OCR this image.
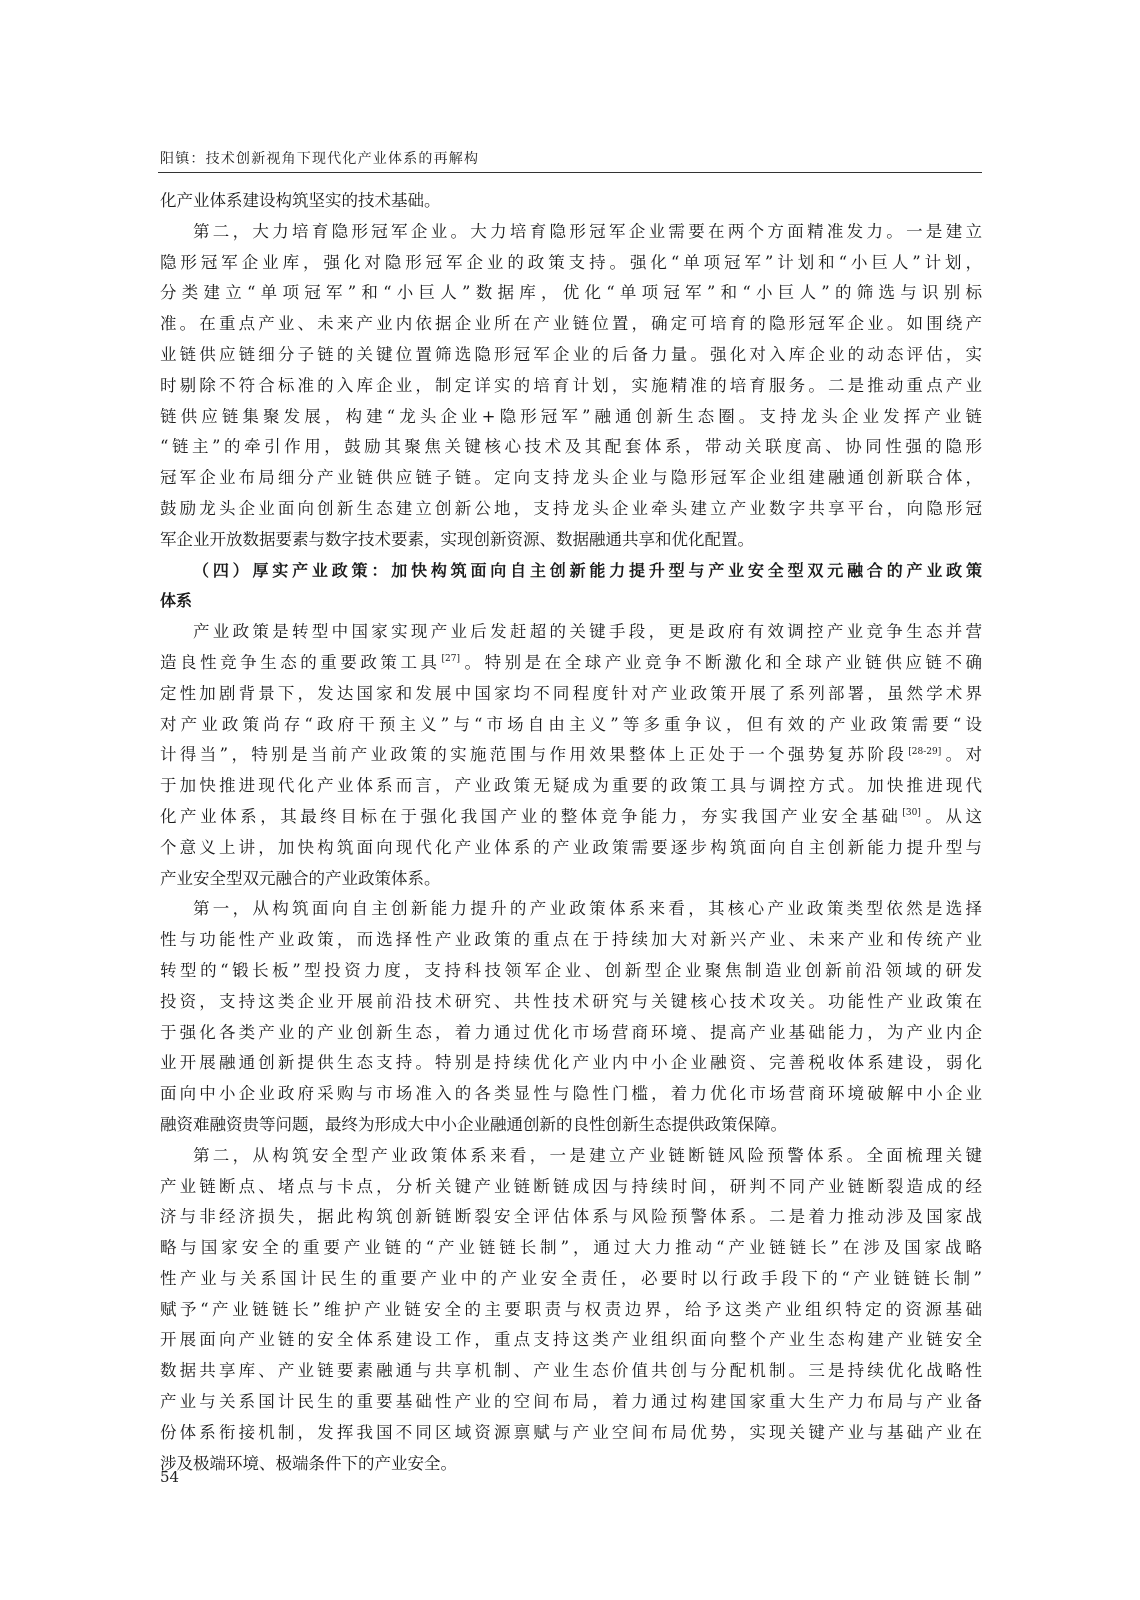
阳镇：技术创新视角下现代化产业体系的再解构
化产业体系建设构筑坚实的技术基础。
第二，大力培育隐形冠军企业。大力培育隐形冠军企业需要在两个方面精准发力。一是建立
隐形冠军企业库，强化对隐形冠军企业的政策支持。强化“单项冠军”计划和“小巨人”计划，
分类建立“单项冠军”和“小巨人”数据库，优化“单项冠军”和“小巨人”的筛选与识别标
准。在重点产业、未来产业内依据企业所在产业链位置，确定可培育的隐形冠军企业。如围绕产
业链供应链细分子链的关键位置筛选隐形冠军企业的后备力量。强化对入库企业的动态评估，实
时剔除不符合标准的入库企业，制定详实的培育计划，实施精准的培育服务。二是推动重点产业
链供应链集聚发展，构建“龙头企业+隐形冠军”融通创新生态圈。支持龙头企业发挥产业链
“链主”的牵引作用，鼓励其聚焦关键核心技术及其配套体系，带动关联度高、协同性强的隐形
冠军企业布局细分产业链供应链子链。定向支持龙头企业与隐形冠军企业组建融通创新联合体，
鼓励龙头企业面向创新生态建立创新公地，支持龙头企业牵头建立产业数字共享平台，向隐形冠
军企业开放数据要素与数字技术要素，实现创新资源、数据融通共享和优化配置。
（四）厚实产业政策：加快构筑面向自主创新能力提升型与产业安全型双元融合的产业政策
体系
产业政策是转型中国家实现产业后发赶超的关键手段，更是政府有效调控产业竞争生态并营
造良性竞争生态的重要政策工具[27]。特别是在全球产业竞争不断激化和全球产业链供应链不确
定性加剧背景下，发达国家和发展中国家均不同程度针对产业政策开展了系列部署，虽然学术界
对产业政策尚存“政府干预主义”与“市场自由主义”等多重争议，但有效的产业政策需要“设
计得当”，特别是当前产业政策的实施范围与作用效果整体上正处于一个强势复苏阶段[28-29]。对
于加快推进现代化产业体系而言，产业政策无疑成为重要的政策工具与调控方式。加快推进现代
化产业体系，其最终目标在于强化我国产业的整体竞争能力，夯实我国产业安全基础[30]。从这
个意义上讲，加快构筑面向现代化产业体系的产业政策需要逐步构筑面向自主创新能力提升型与
产业安全型双元融合的产业政策体系。
第一，从构筑面向自主创新能力提升的产业政策体系来看，其核心产业政策类型依然是选择
性与功能性产业政策，而选择性产业政策的重点在于持续加大对新兴产业、未来产业和传统产业
转型的“锻长板”型投资力度，支持科技领军企业、创新型企业聚焦制造业创新前沿领域的研发
投资，支持这类企业开展前沿技术研究、共性技术研究与关键核心技术攻关。功能性产业政策在
于强化各类产业的产业创新生态，着力通过优化市场营商环境、提高产业基础能力，为产业内企
业开展融通创新提供生态支持。特别是持续优化产业内中小企业融资、完善税收体系建设，弱化
面向中小企业政府采购与市场准入的各类显性与隐性门槛，着力优化市场营商环境破解中小企业
融资难融资贵等问题，最终为形成大中小企业融通创新的良性创新生态提供政策保障。
第二，从构筑安全型产业政策体系来看，一是建立产业链断链风险预警体系。全面梳理关键
产业链断点、堵点与卡点，分析关键产业链断链成因与持续时间，研判不同产业链断裂造成的经
济与非经济损失，据此构筑创新链断裂安全评估体系与风险预警体系。二是着力推动涉及国家战
略与国家安全的重要产业链的“产业链链长制”，通过大力推动“产业链链长”在涉及国家战略
性产业与关系国计民生的重要产业中的产业安全责任，必要时以行政手段下的“产业链链长制”
赋予“产业链链长”维护产业链安全的主要职责与权责边界，给予这类产业组织特定的资源基础
开展面向产业链的安全体系建设工作，重点支持这类产业组织面向整个产业生态构建产业链安全
数据共享库、产业链要素融通与共享机制、产业生态价值共创与分配机制。三是持续优化战略性
产业与关系国计民生的重要基础性产业的空间布局，着力通过构建国家重大生产力布局与产业备
份体系衔接机制，发挥我国不同区域资源禀赋与产业空间布局优势，实现关键产业与基础产业在
涉及极端环境、极端条件下的产业安全。
54
